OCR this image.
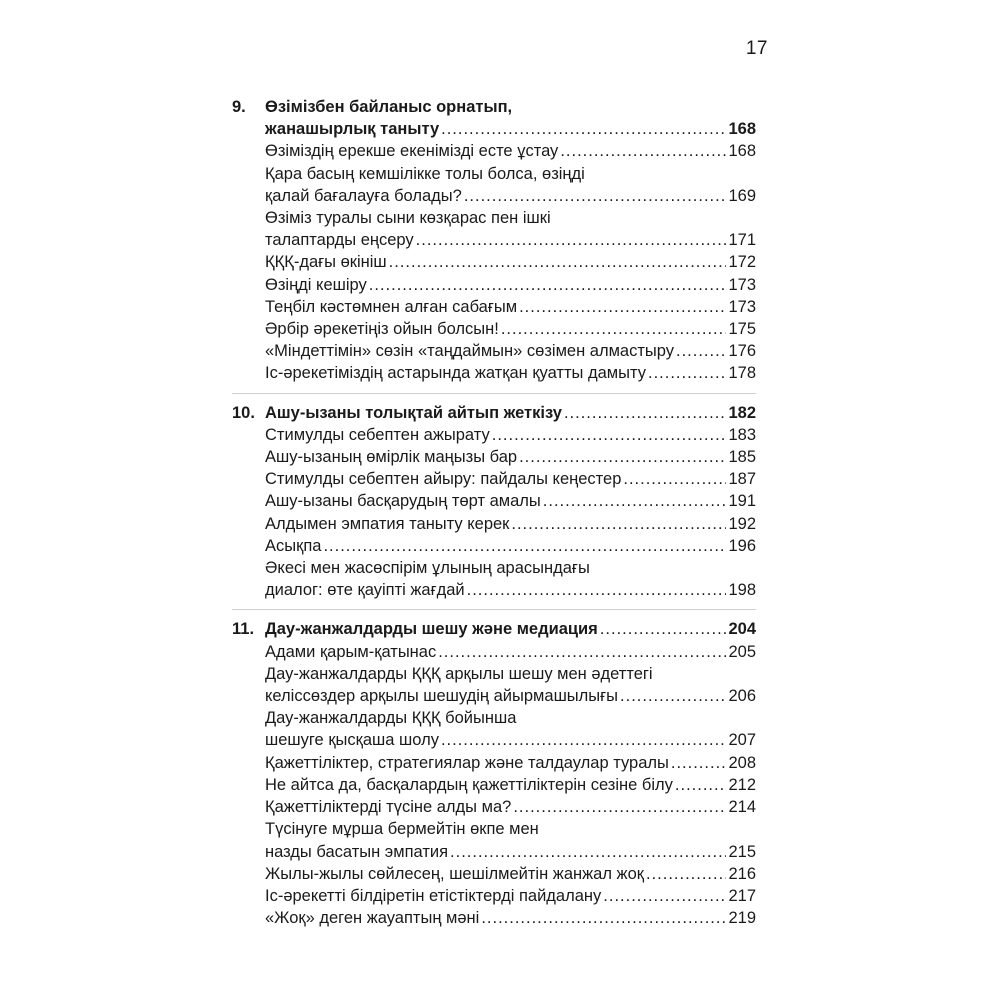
17
9.	Өзімізбен байланыс орнатып,
жанашырлық таныту .....	168
Өзіміздің ерекше екенімізді есте ұстау .....	168
Қара басың кемшілікке толы болса, өзіңді
қалай бағалауға болады? .....	169
Өзіміз туралы сыни көзқарас пен ішкі
талаптарды еңсеру .....	171
ҚҚҚ-дағы өкініш .....	172
Өзіңді кешіру .....	173
Теңбіл кәстөмнен алған сабағым .....	173
Әрбір әрекетіңіз ойын болсын! .....	175
«Міндеттімін» сөзін «таңдаймын» сөзімен алмастыру .....	176
Іс-әрекетіміздің астарында жатқан қуатты дамыту .....	178
10. Ашу-ызаны толықтай айтып жеткізу .....	182
Стимулды себептен ажырату .....	183
Ашу-ызаның өмірлік маңызы бар .....	185
Стимулды себептен айыру: пайдалы кеңестер .....	187
Ашу-ызаны басқарудың төрт амалы .....	191
Алдымен эмпатия таныту керек .....	192
Асықпа .....	196
Әкесі мен жасөспірім ұлының арасындағы
диалог: өте қауіпті жағдай .....	198
11. Дау-жанжалдарды шешу және медиация .....	204
Адами қарым-қатынас .....	205
Дау-жанжалдарды ҚҚҚ арқылы шешу мен әдеттегі
келіссөздер арқылы шешудің айырмашылығы .....	206
Дау-жанжалдарды ҚҚҚ бойынша
шешуге қысқаша шолу .....	207
Қажеттіліктер, стратегиялар және талдаулар туралы .....	208
Не айтса да, басқалардың қажеттіліктерін сезіне білу .....	212
Қажеттіліктерді түсіне алды ма? .....	214
Түсінуге мұрша бермейтін өкпе мен
назды басатын эмпатия .....	215
Жылы-жылы сөйлесең, шешілмейтін жанжал жоқ .....	216
Іс-әрекетті білдіретін етістіктерді пайдалану .....	217
«Жоқ» деген жауаптың мәні .....	219
